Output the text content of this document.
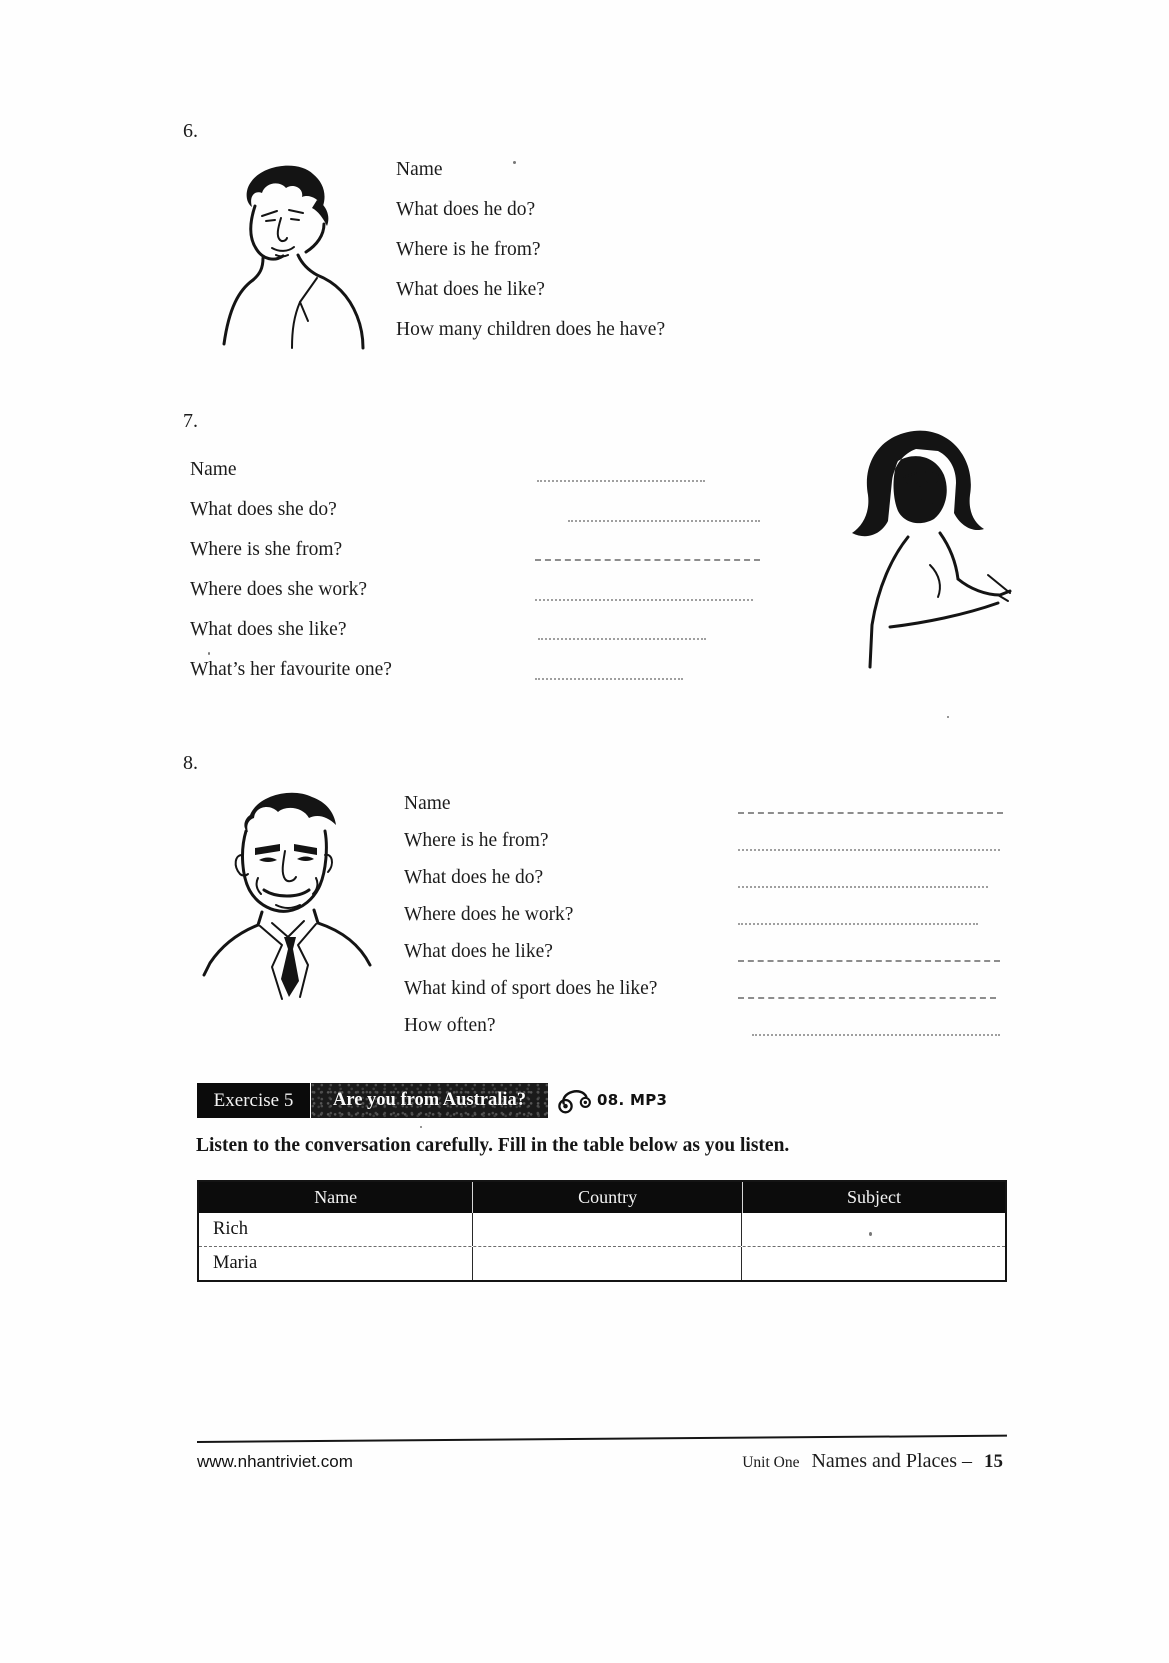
6.
Name
What does he do?
Where is he from?
What does he like?
How many children does he have?
7.
Name
What does she do?
Where is she from?
Where does she work?
What does she like?
What’s her favourite one?
8.
Name
Where is he from?
What does he do?
Where does he work?
What does he like?
What kind of sport does he like?
How often?
Exercise 5 Are you from Australia?	08. MP3
Listen to the conversation carefully. Fill in the table below as you listen.
Name	Country	Subject
Rich
Maria
www.nhantriviet.com	Unit One Names and Places – 15
